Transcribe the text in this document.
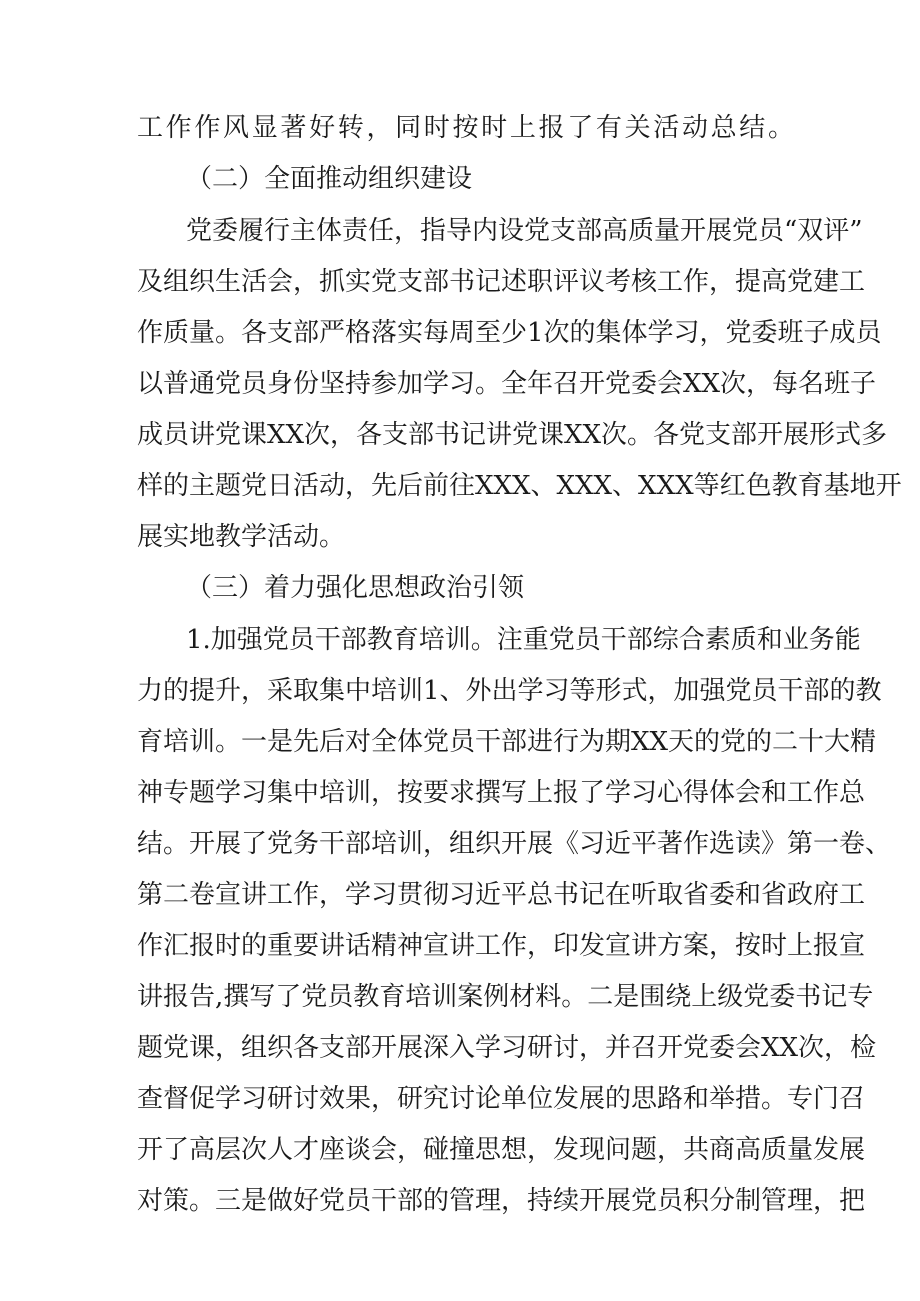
工作作风显著好转，同时按时上报了有关活动总结。
（二）全面推动组织建设
党委履行主体责任，指导内设党支部高质量开展党员“双评”
及组织生活会，抓实党支部书记述职评议考核工作，提高党建工
作质量。各支部严格落实每周至少1次的集体学习，党委班子成员
以普通党员身份坚持参加学习。全年召开党委会XX次，每名班子
成员讲党课XX次，各支部书记讲党课XX次。各党支部开展形式多
样的主题党日活动，先后前往XXX、XXX、XXX等红色教育基地开
展实地教学活动。
（三）着力强化思想政治引领
1.加强党员干部教育培训。注重党员干部综合素质和业务能
力的提升，采取集中培训1、外出学习等形式，加强党员干部的教
育培训。一是先后对全体党员干部进行为期XX天的党的二十大精
神专题学习集中培训，按要求撰写上报了学习心得体会和工作总
结。开展了党务干部培训，组织开展《习近平著作选读》第一卷、
第二卷宣讲工作，学习贯彻习近平总书记在听取省委和省政府工
作汇报时的重要讲话精神宣讲工作，印发宣讲方案，按时上报宣
讲报告,撰写了党员教育培训案例材料。二是围绕上级党委书记专
题党课，组织各支部开展深入学习研讨，并召开党委会XX次，检
查督促学习研讨效果，研究讨论单位发展的思路和举措。专门召
开了高层次人才座谈会，碰撞思想，发现问题，共商高质量发展
对策。三是做好党员干部的管理，持续开展党员积分制管理，把
